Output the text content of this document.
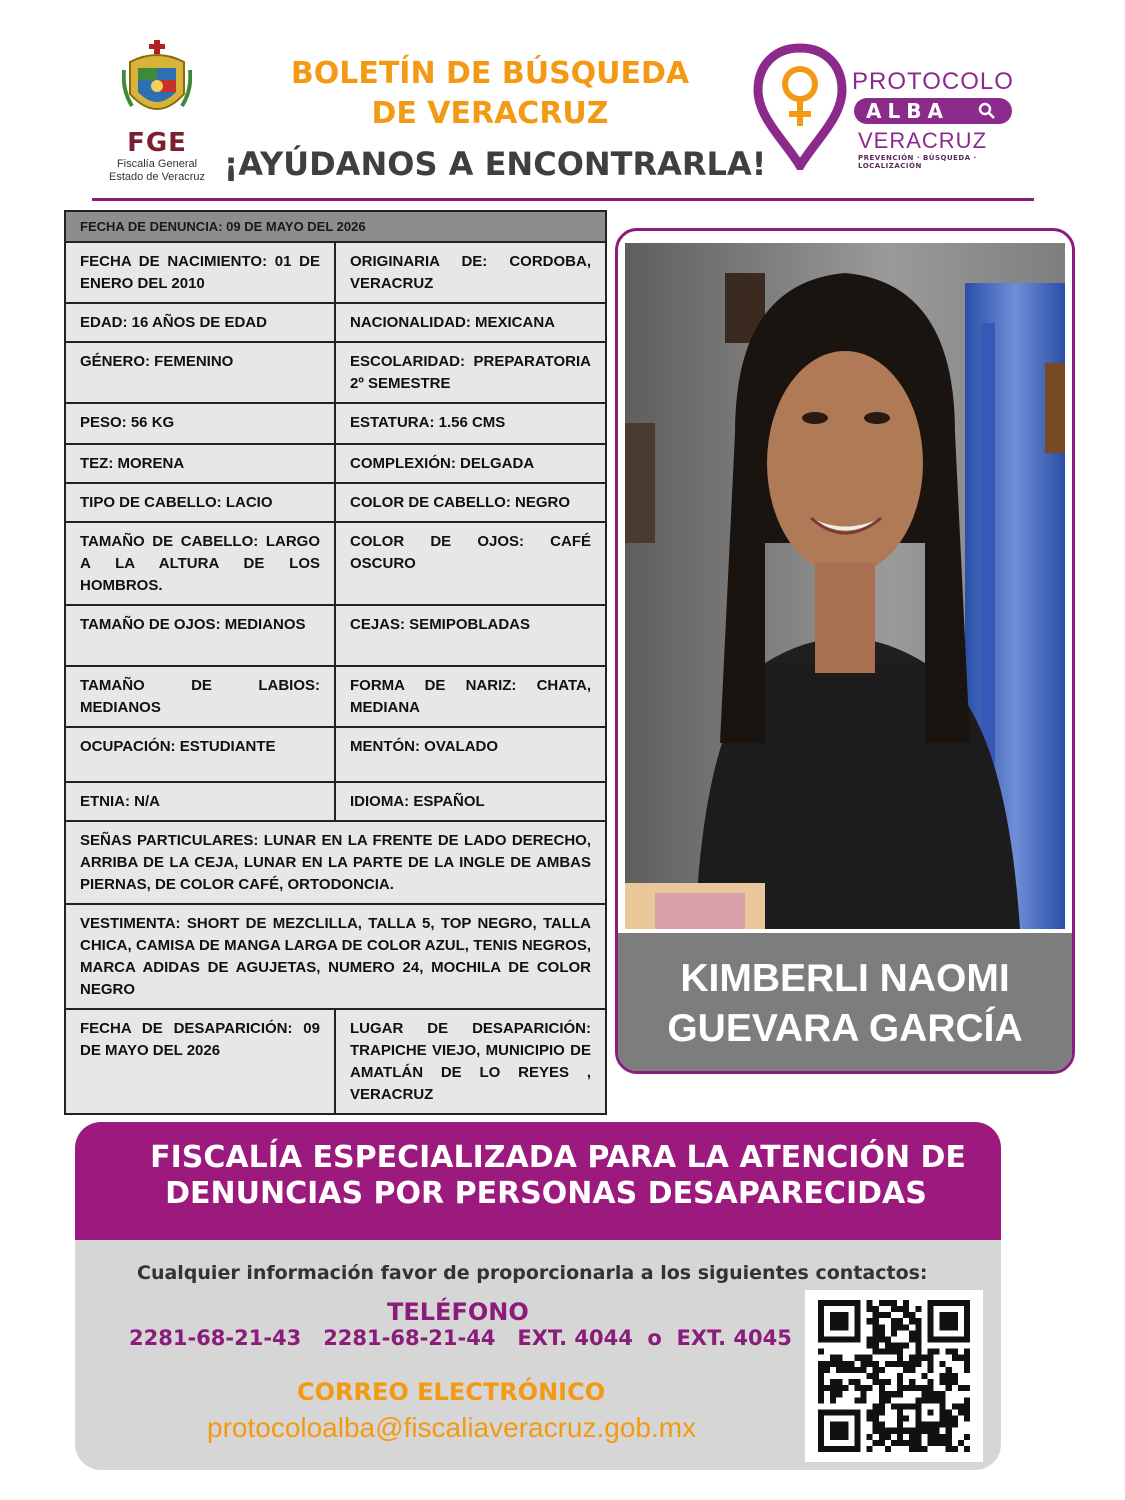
FGE
Fiscalía General
Estado de Veracruz
BOLETÍN DE BÚSQUEDA
DE VERACRUZ
¡AYÚDANOS A ENCONTRARLA!
PROTOCOLO
ALBA
VERACRUZ
PREVENCIÓN · BÚSQUEDA · LOCALIZACIÓN
FECHA DE DENUNCIA: 09 DE MAYO DEL 2026	
FECHA DE NACIMIENTO: 01 DE ENERO DEL 2010	ORIGINARIA DE: CORDOBA, VERACRUZ
EDAD: 16 AÑOS DE EDAD	NACIONALIDAD: MEXICANA
GÉNERO: FEMENINO	ESCOLARIDAD: PREPARATORIA 2º SEMESTRE
PESO: 56 KG	ESTATURA: 1.56 CMS
TEZ: MORENA	COMPLEXIÓN: DELGADA
TIPO DE CABELLO: LACIO	COLOR DE CABELLO: NEGRO
TAMAÑO DE CABELLO: LARGO A LA ALTURA DE LOS HOMBROS.	COLOR DE OJOS: CAFÉ OSCURO
TAMAÑO DE OJOS: MEDIANOS	CEJAS: SEMIPOBLADAS
TAMAÑO DE LABIOS: MEDIANOS	FORMA DE NARIZ: CHATA, MEDIANA
OCUPACIÓN: ESTUDIANTE	MENTÓN: OVALADO
ETNIA: N/A	IDIOMA: ESPAÑOL
SEÑAS PARTICULARES: LUNAR EN LA FRENTE DE LADO DERECHO, ARRIBA DE LA CEJA, LUNAR EN LA PARTE DE LA INGLE DE AMBAS PIERNAS, DE COLOR CAFÉ, ORTODONCIA.	
VESTIMENTA: SHORT DE MEZCLILLA, TALLA 5, TOP NEGRO, TALLA CHICA, CAMISA DE MANGA LARGA DE COLOR AZUL, TENIS NEGROS, MARCA ADIDAS DE AGUJETAS, NUMERO 24, MOCHILA DE COLOR NEGRO	
FECHA DE DESAPARICIÓN: 09 DE MAYO DEL 2026	LUGAR DE DESAPARICIÓN: TRAPICHE VIEJO, MUNICIPIO DE AMATLÁN DE LO REYES , VERACRUZ
KIMBERLI NAOMI
GUEVARA GARCÍA
FISCALÍA ESPECIALIZADA PARA LA ATENCIÓN DE
DENUNCIAS POR PERSONAS DESAPARECIDAS
Cualquier información favor de proporcionarla a los siguientes contactos:
TELÉFONO
2281-68-21-43   2281-68-21-44   EXT. 4044  o  EXT. 4045
CORREO ELECTRÓNICO
protocoloalba@fiscaliaveracruz.gob.mx
